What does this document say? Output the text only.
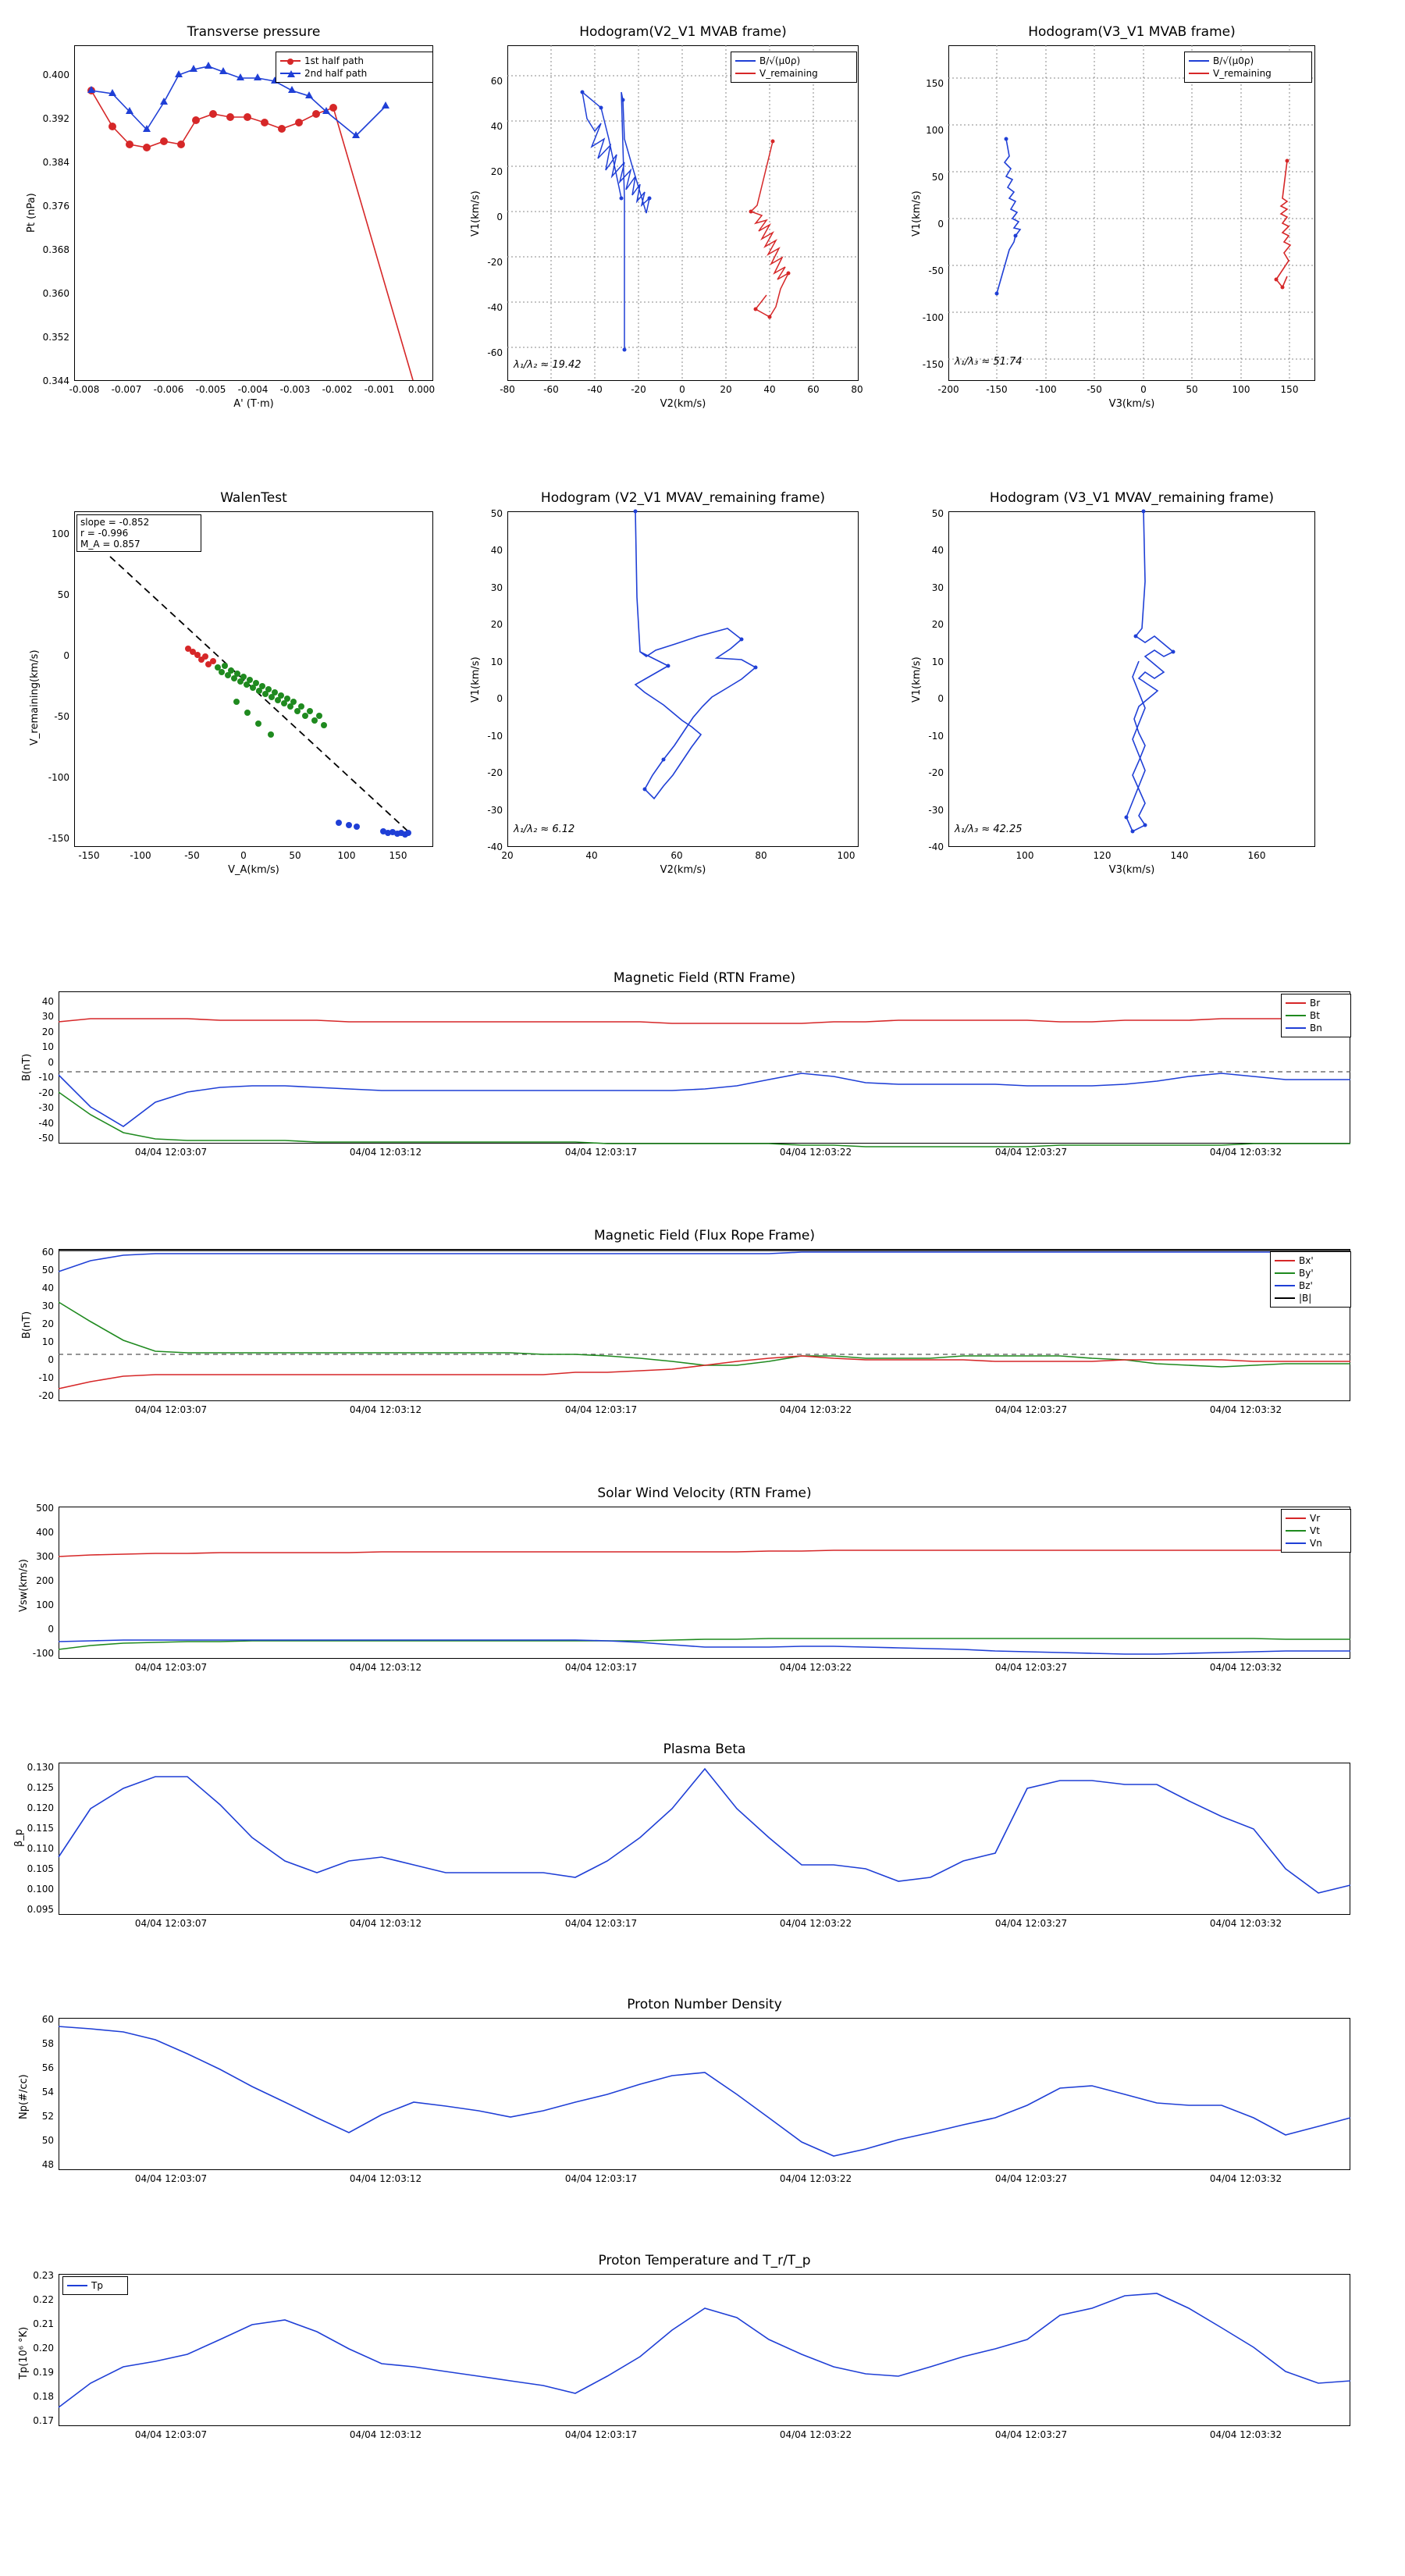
Transverse pressure
Pt (nPa)
A' (T·m)
0.344
0.352
0.360
0.368
0.376
0.384
0.392
0.400
-0.008	-0.007	-0.006	-0.005	-0.004	-0.003	-0.002	-0.001	0.000
1st half path
2nd half path
Hodogram(V2_V1 MVAB frame)
V1(km/s)
V2(km/s)
-60
-40
-20
0
20
40
60
-80	-60	-40	-20	0	20	40	60	80
λ₁/λ₂ ≈ 19.42
B/√(μ0ρ)
V_remaining
Hodogram(V3_V1 MVAB frame)
V1(km/s)
V3(km/s)
-150
-100
-50
0
50
100
150
-200	-150	-100	-50	0	50	100	150
λ₁/λ₃ ≈ 51.74
B/√(μ0ρ)
V_remaining
WalenTest
V_remaining(km/s)
V_A(km/s)
-150
-100
-50
0
50
100
-150	-100	-50	0	50	100	150
slope = -0.852
r = -0.996
M_A = 0.857
Hodogram (V2_V1 MVAV_remaining frame)
V1(km/s)
V2(km/s)
-40
-30
-20
-10
0
10
20
30
40
50
20	40	60	80	100
λ₁/λ₂ ≈ 6.12
Hodogram (V3_V1 MVAV_remaining frame)
V1(km/s)
V3(km/s)
-40
-30
-20
-10
0
10
20
30
40
50
100	120	140	160
λ₁/λ₃ ≈ 42.25
Magnetic Field (RTN Frame)
B(nT)
-50
-40
-30
-20
-10
0
10
20
30
40
04/04 12:03:07	04/04 12:03:12	04/04 12:03:17	04/04 12:03:22	04/04 12:03:27	04/04 12:03:32
Br
Bt
Bn
Magnetic Field (Flux Rope Frame)
B(nT)
-20
-10
0
10
20
30
40
50
60
04/04 12:03:07	04/04 12:03:12	04/04 12:03:17	04/04 12:03:22	04/04 12:03:27	04/04 12:03:32
Bx'
By'
Bz'
|B|
Solar Wind Velocity (RTN Frame)
Vsw(km/s)
-100
0
100
200
300
400
500
04/04 12:03:07	04/04 12:03:12	04/04 12:03:17	04/04 12:03:22	04/04 12:03:27	04/04 12:03:32
Vr
Vt
Vn
Plasma Beta
β_p
0.095
0.100
0.105
0.110
0.115
0.120
0.125
0.130
04/04 12:03:07	04/04 12:03:12	04/04 12:03:17	04/04 12:03:22	04/04 12:03:27	04/04 12:03:32
Proton Number Density
Np(#/cc)
48
50
52
54
56
58
60
04/04 12:03:07	04/04 12:03:12	04/04 12:03:17	04/04 12:03:22	04/04 12:03:27	04/04 12:03:32
Proton Temperature and T_r/T_p
Tp(10⁶ °K)
0.17
0.18
0.19
0.20
0.21
0.22
0.23
04/04 12:03:07	04/04 12:03:12	04/04 12:03:17	04/04 12:03:22	04/04 12:03:27	04/04 12:03:32
Tp
